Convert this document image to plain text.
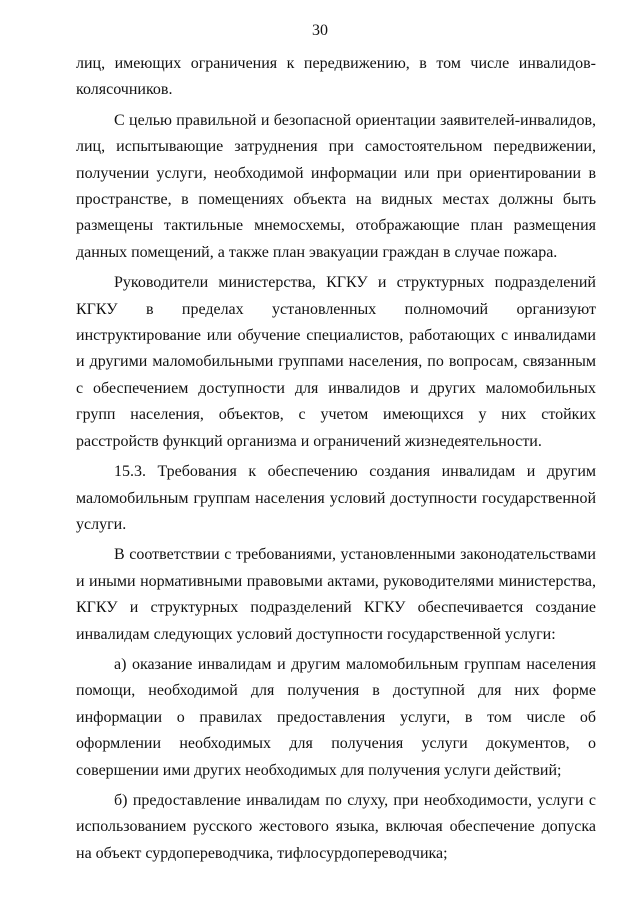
30

лиц, имеющих ограничения к передвижению, в том числе инвалидов-колясочников.

С целью правильной и безопасной ориентации заявителей-инвалидов, лиц, испытывающие затруднения при самостоятельном передвижении, получении услуги, необходимой информации или при ориентировании в пространстве, в помещениях объекта на видных местах должны быть размещены тактильные мнемосхемы, отображающие план размещения данных помещений, а также план эвакуации граждан в случае пожара.

Руководители министерства, КГКУ и структурных подразделений КГКУ в пределах установленных полномочий организуют инструктирование или обучение специалистов, работающих с инвалидами и другими маломобильными группами населения, по вопросам, связанным с обеспечением доступности для инвалидов и других маломобильных групп населения, объектов, с учетом имеющихся у них стойких расстройств функций организма и ограничений жизнедеятельности.

15.3. Требования к обеспечению создания инвалидам и другим маломобильным группам населения условий доступности государственной услуги.

В соответствии с требованиями, установленными законодательствами и иными нормативными правовыми актами, руководителями министерства, КГКУ и структурных подразделений КГКУ обеспечивается создание инвалидам следующих условий доступности государственной услуги:

а) оказание инвалидам и другим маломобильным группам населения помощи, необходимой для получения в доступной для них форме информации о правилах предоставления услуги, в том числе об оформлении необходимых для получения услуги документов, о совершении ими других необходимых для получения услуги действий;

б) предоставление инвалидам по слуху, при необходимости, услуги с использованием русского жестового языка, включая обеспечение допуска на объект сурдопереводчика, тифлосурдопереводчика;
